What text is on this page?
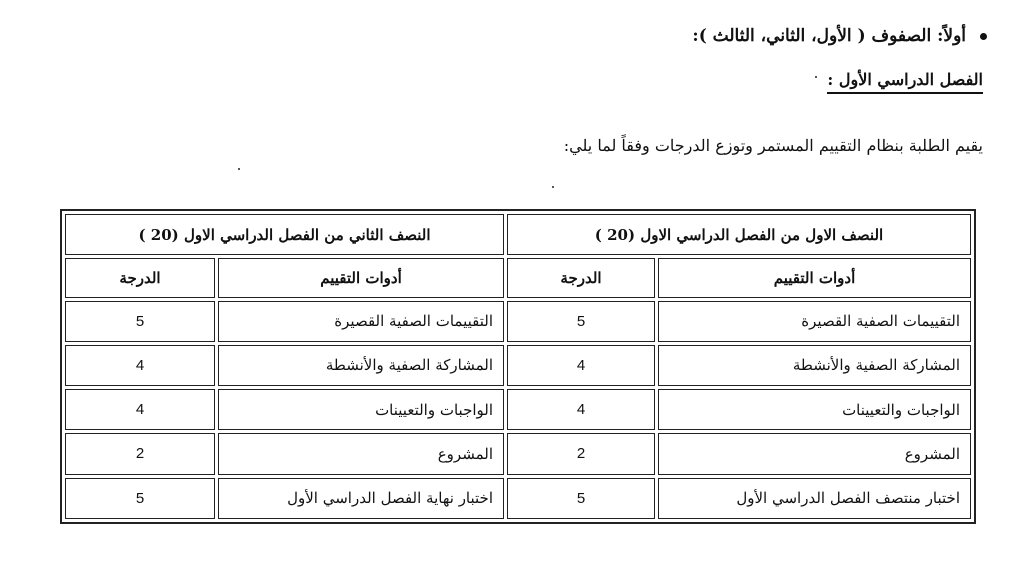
أولاً: الصفوف ( الأول، الثاني، الثالث ):
الفصل الدراسي الأول :
يقيم الطلبة بنظام التقييم المستمر وتوزع الدرجات وفقاً لما يلي:
النصف الاول من الفصل الدراسي الاول (20 )		النصف الثاني من الفصل الدراسي الاول (20 )	
أدوات التقييم	الدرجة	أدوات التقييم	الدرجة
التقييمات الصفية القصيرة	5	التقييمات الصفية القصيرة	5
المشاركة الصفية والأنشطة	4	المشاركة الصفية والأنشطة	4
الواجبات والتعيينات	4	الواجبات والتعيينات	4
المشروع	2	المشروع	2
اختبار منتصف الفصل الدراسي الأول	5	اختبار نهاية الفصل الدراسي الأول	5
